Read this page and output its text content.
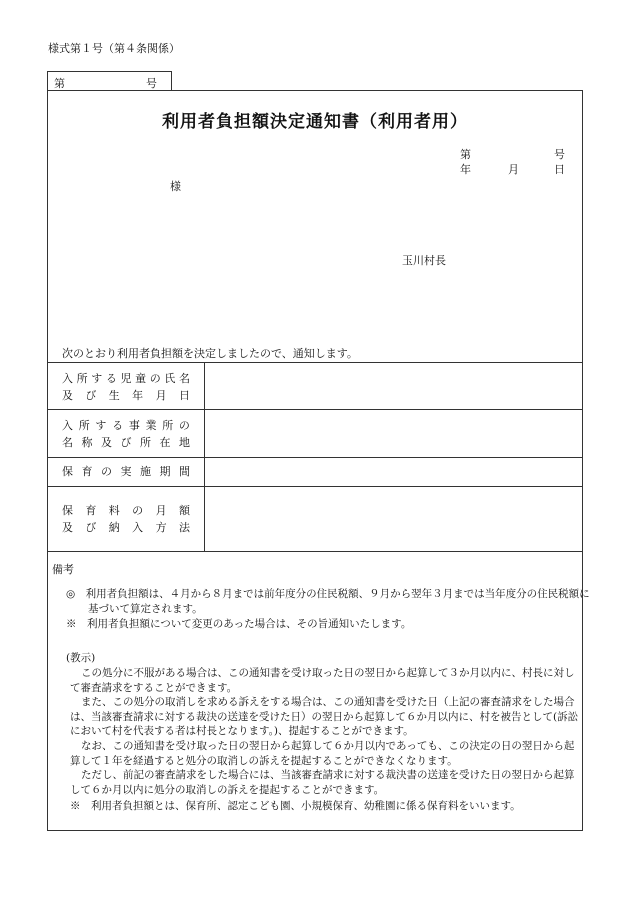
様式第１号（第４条関係）
第	号
利用者負担額決定通知書（利用者用）
第	号
年	月	日
様
玉川村長
次のとおり利用者負担額を決定しましたので、通知します。
入 所 す る 児 童 の 氏 名
及 び 生 年 月 日
入 所 す る 事 業 所 の
名 称 及 び 所 在 地
保 育 の 実 施 期 間
保 育 料 の 月 額
及 び 納 入 方 法
備考
◎　利用者負担額は、４月から８月までは前年度分の住民税額、９月から翌年３月までは当年度分の住民税額に基づいて算定されます。
※　利用者負担額について変更のあった場合は、その旨通知いたします。
(教示)
この処分に不服がある場合は、この通知書を受け取った日の翌日から起算して３か月以内に、村長に対して審査請求をすることができます。
また、この処分の取消しを求める訴えをする場合は、この通知書を受けた日（上記の審査請求をした場合は、当該審査請求に対する裁決の送達を受けた日）の翌日から起算して６か月以内に、村を被告として(訴訟において村を代表する者は村長となります。)、提起することができます。
なお、この通知書を受け取った日の翌日から起算して６か月以内であっても、この決定の日の翌日から起算して１年を経過すると処分の取消しの訴えを提起することができなくなります。
ただし、前記の審査請求をした場合には、当該審査請求に対する裁決書の送達を受けた日の翌日から起算して６か月以内に処分の取消しの訴えを提起することができます。
※　利用者負担額とは、保育所、認定こども園、小規模保育、幼稚園に係る保育料をいいます。
